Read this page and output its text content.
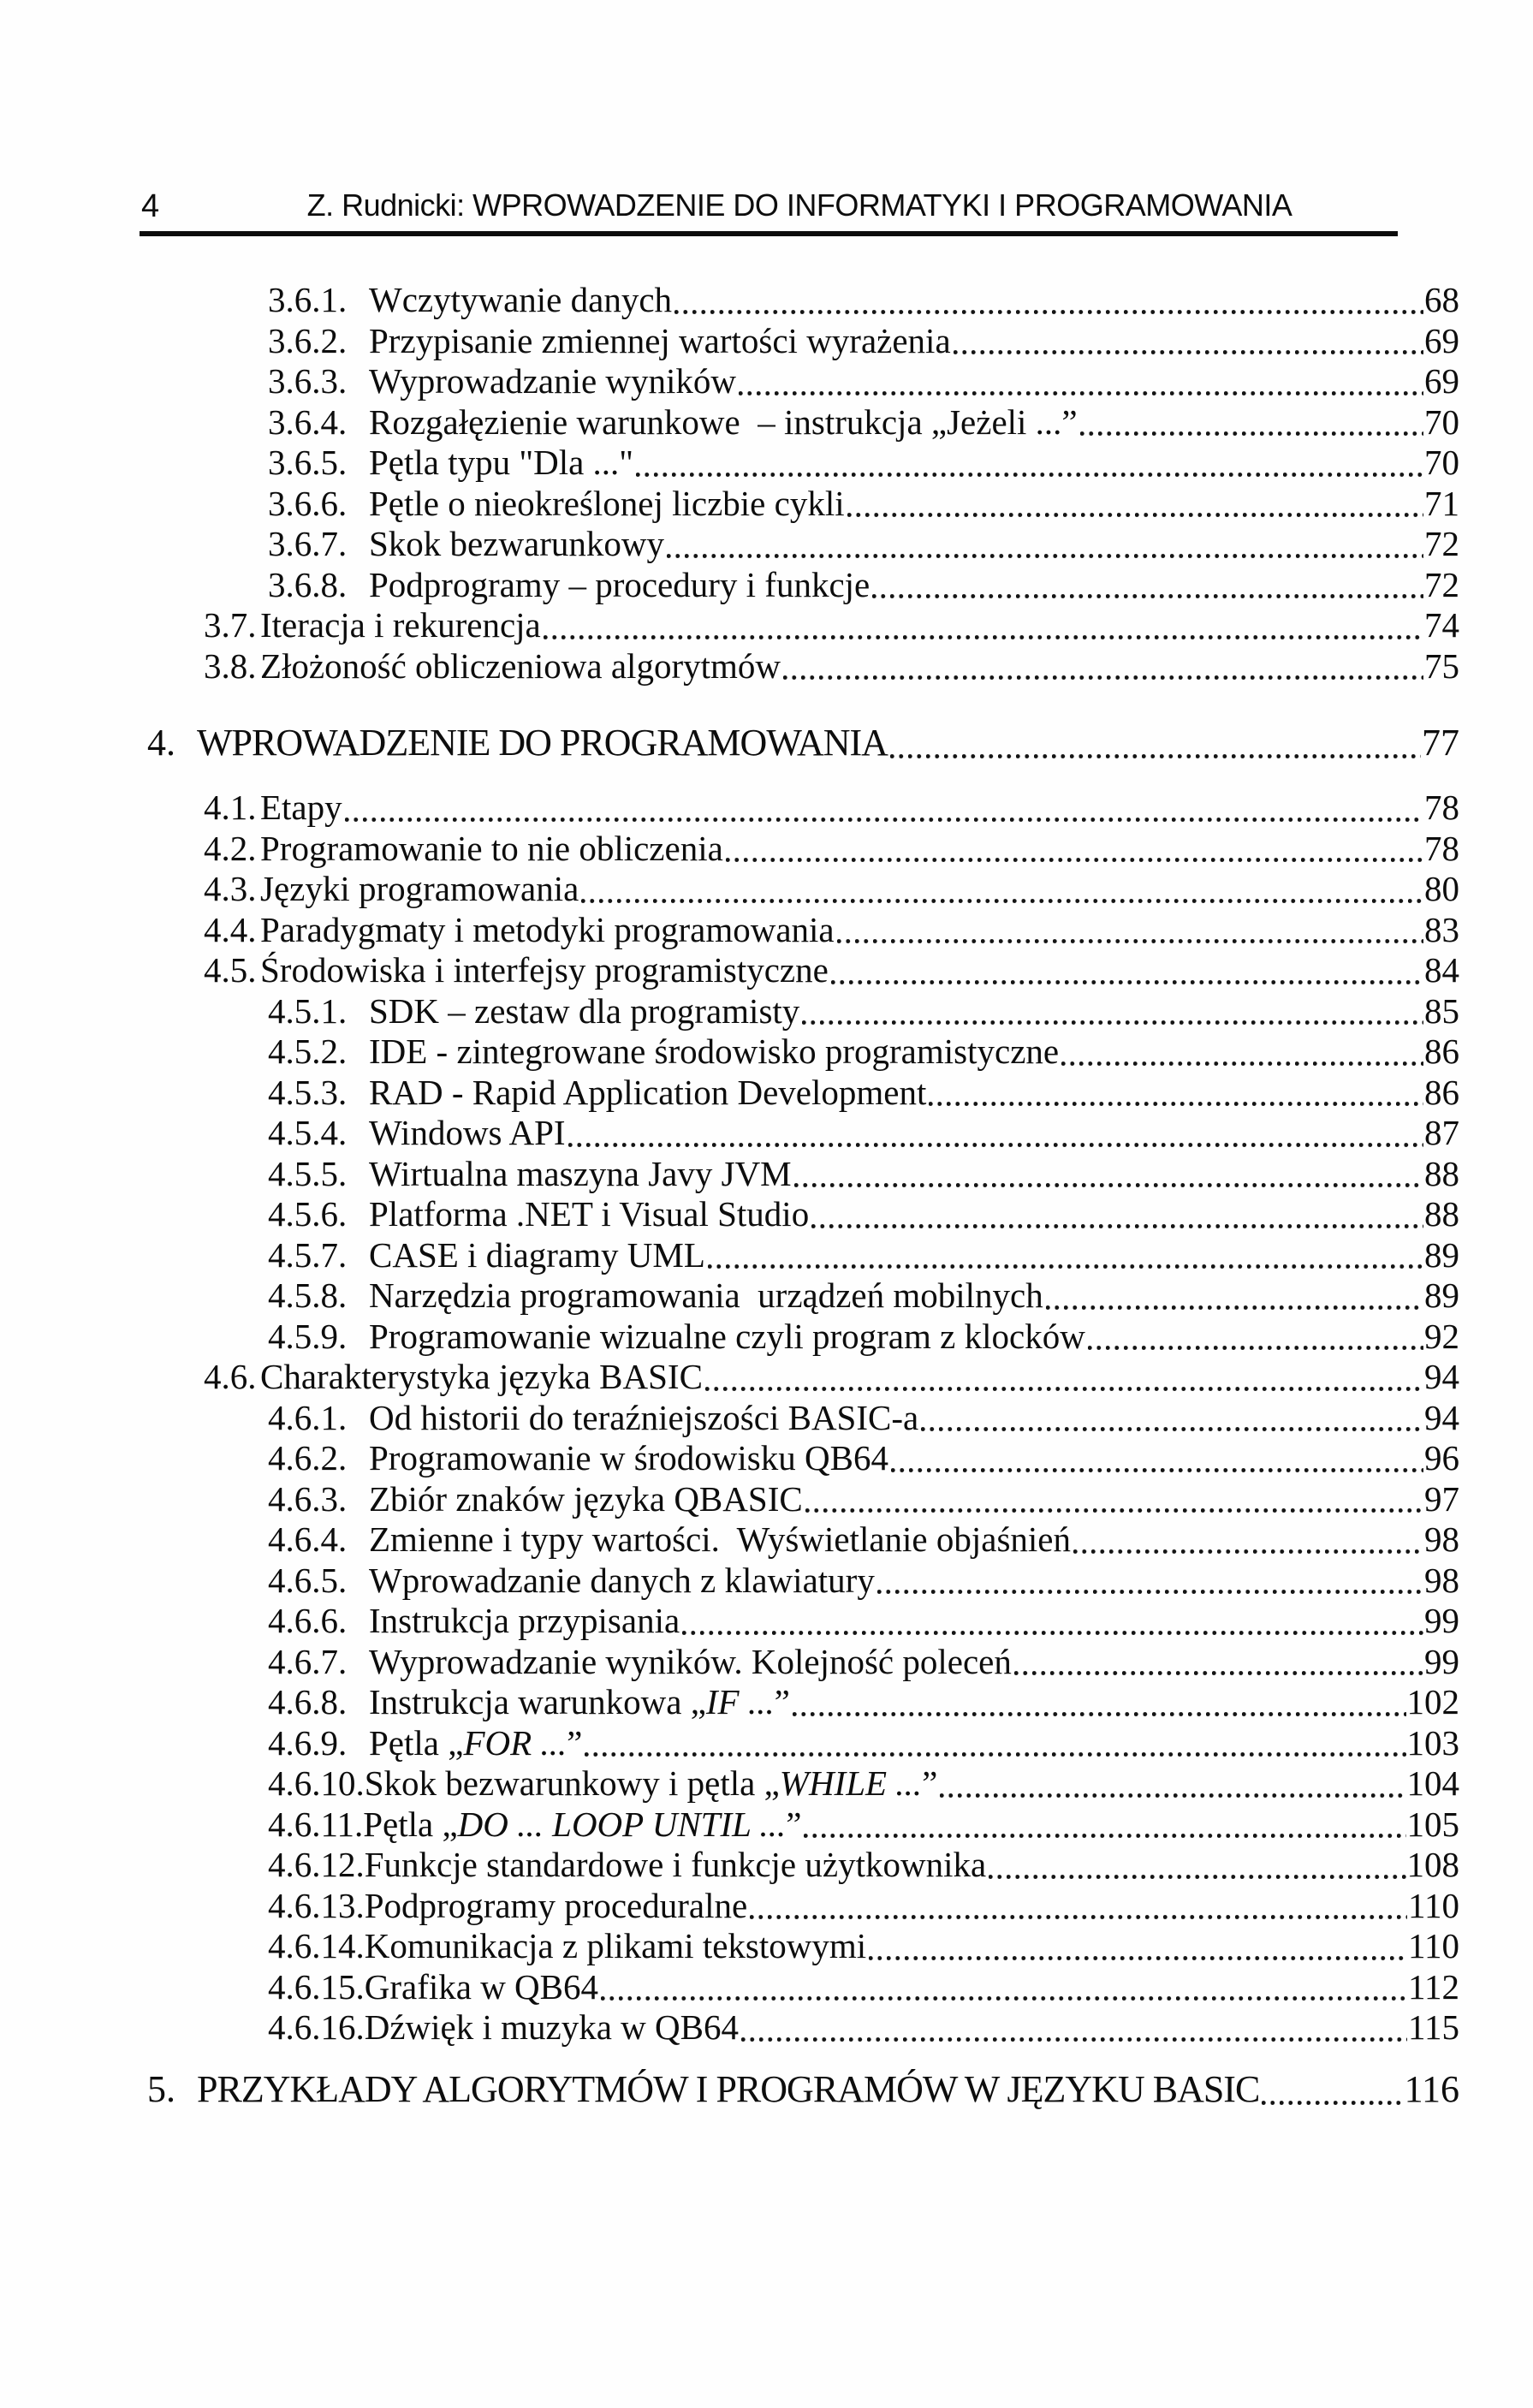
4	Z. Rudnicki: WPROWADZENIE DO INFORMATYKI I PROGRAMOWANIA
3.6.1. Wczytywanie danych	68
3.6.2. Przypisanie zmiennej wartości wyrażenia	69
3.6.3. Wyprowadzanie wyników	69
3.6.4. Rozgałęzienie warunkowe  – instrukcja „Jeżeli ...”	70
3.6.5. Pętla typu "Dla ..."	70
3.6.6. Pętle o nieokreślonej liczbie cykli	71
3.6.7. Skok bezwarunkowy	72
3.6.8. Podprogramy – procedury i funkcje	72
3.7. Iteracja i rekurencja	74
3.8. Złożoność obliczeniowa algorytmów	75
4. WPROWADZENIE DO PROGRAMOWANIA	77
4.1. Etapy	78
4.2. Programowanie to nie obliczenia	78
4.3. Języki programowania	80
4.4. Paradygmaty i metodyki programowania	83
4.5. Środowiska i interfejsy programistyczne	84
4.5.1. SDK – zestaw dla programisty	85
4.5.2. IDE - zintegrowane środowisko programistyczne	86
4.5.3. RAD - Rapid Application Development	86
4.5.4. Windows API	87
4.5.5. Wirtualna maszyna Javy JVM	88
4.5.6. Platforma .NET i Visual Studio	88
4.5.7. CASE i diagramy UML	89
4.5.8. Narzędzia programowania  urządzeń mobilnych	89
4.5.9. Programowanie wizualne czyli program z klocków	92
4.6. Charakterystyka języka BASIC	94
4.6.1. Od historii do teraźniejszości BASIC-a	94
4.6.2. Programowanie w środowisku QB64	96
4.6.3. Zbiór znaków języka QBASIC	97
4.6.4. Zmienne i typy wartości.  Wyświetlanie objaśnień	98
4.6.5. Wprowadzanie danych z klawiatury	98
4.6.6. Instrukcja przypisania	99
4.6.7. Wyprowadzanie wyników. Kolejność poleceń	99
4.6.8. Instrukcja warunkowa „IF ...”	102
4.6.9. Pętla „FOR ...”	103
4.6.10. Skok bezwarunkowy i pętla „WHILE ...”	104
4.6.11. Pętla „DO ... LOOP UNTIL ...”	105
4.6.12. Funkcje standardowe i funkcje użytkownika	108
4.6.13. Podprogramy proceduralne	110
4.6.14. Komunikacja z plikami tekstowymi	110
4.6.15. Grafika w QB64	112
4.6.16. Dźwięk i muzyka w QB64	115
5. PRZYKŁADY ALGORYTMÓW I PROGRAMÓW W JĘZYKU BASIC	116
